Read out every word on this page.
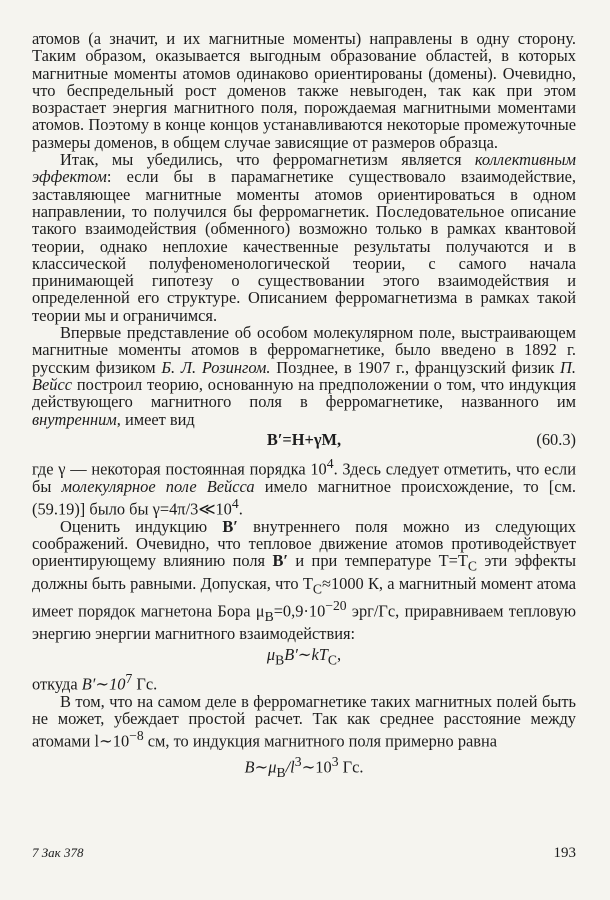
атомов (а значит, и их магнитные моменты) направлены в одну сторону. Таким образом, оказывается выгодным образование областей, в которых магнитные моменты атомов одинаково ориентированы (домены). Очевидно, что беспредельный рост доменов также невыгоден, так как при этом возрастает энергия магнитного поля, порождаемая магнитными моментами атомов. Поэтому в конце концов устанавливаются некоторые промежуточные размеры доменов, в общем случае зависящие от размеров образца.

Итак, мы убедились, что ферромагнетизм является коллективным эффектом: если бы в парамагнетике существовало взаимодействие, заставляющее магнитные моменты атомов ориентироваться в одном направлении, то получился бы ферромагнетик. Последовательное описание такого взаимодействия (обменного) возможно только в рамках квантовой теории, однако неплохие качественные результаты получаются и в классической полуфеноменологической теории, с самого начала принимающей гипотезу о существовании этого взаимодействия и определенной его структуре. Описанием ферромагнетизма в рамках такой теории мы и ограничимся.

Впервые представление об особом молекулярном поле, выстраивающем магнитные моменты атомов в ферромагнетике, было введено в 1892 г. русским физиком Б. Л. Розингом. Позднее, в 1907 г., французский физик П. Вейсс построил теорию, основанную на предположении о том, что индукция действующего магнитного поля в ферромагнетике, названного им внутренним, имеет вид

B′=H+γM,	(60.3)

где γ — некоторая постоянная порядка $10^4$. Здесь следует отметить, что если бы молекулярное поле Вейсса имело магнитное происхождение, то [см. (59.19)] было бы $\gamma=4\pi/3≪10^4$.

Оценить индукцию B′ внутреннего поля можно из следующих соображений. Очевидно, что тепловое движение атомов противодействует ориентирующему влиянию поля B′ и при температуре $T=T_C$ эти эффекты должны быть равными. Допуская, что $T_C\approx 1000$ К, а магнитный момент атома имеет порядок магнетона Бора $\mu_B=0,9\cdot 10^{-20}$ эрг/Гс, приравниваем тепловую энергию энергии магнитного взаимодействия:

$\mu_BB'\sim kT_C$,

откуда $B'\sim 10^7$ Гс.

В том, что на самом деле в ферромагнетике таких магнитных полей быть не может, убеждает простой расчет. Так как среднее расстояние между атомами $l\sim 10^{-8}$ см, то индукция магнитного поля примерно равна

$B\sim\mu_B/l^3\sim 10^3$ Гс.
7 Зак 378	193
